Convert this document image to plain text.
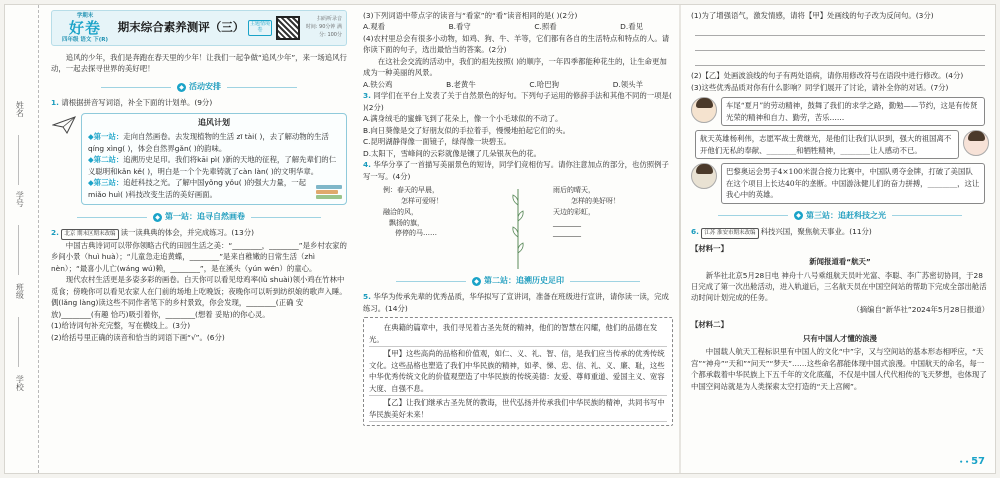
姓名
学号
班级
学校
学期末
好卷
四年级 语文 下(R)
期末综合素养测评（三）	主题情境卷
扫码听录音
时间: 90分钟 满分: 100分

追风的少年，我们是奔跑在春天里的少年！让我们一起争做“追风少年”，来一场追风行动，一起去探寻世界的美好吧！

◆ 活动安排

1. 请根据拼音写词语，补全下面的计划单。(9分)

追风计划

◆第一站：走向自然画卷。去发现植物的生活 zī tài( )，去了解动物的生活 qíng xìng( )，体会自然界ɡǎn( )的韵味。

◆第二站：追溯历史足印。我们将kāi pì( )新的天地的征程，了解先辈们的仁义聪明和kǎn kě( )，明白是一个个先辈铸就了càn làn( )的文明华章。

◆第三站：追赶科技之光。了解中国yǒng yǒu( )的强大力量，一起miǎo huì( )科技改变生活的美好画面。

◆ 第一站：追寻自然画卷

2. 北京 期末区期末改编 读一读典典的体会，并完成练习。(13分)

中国古典诗词可以带你领略古代的田园生活之美：“________，________”是乡村农家的乡间小景（huì huà）；“儿童急走追黄蝶，________”是来自稚嫩的日常生活（zhì nèn）；“最喜小儿亡(wáng wú)赖，________”，是在溪头（yún wén）的童心。

现代农村生活更是多姿多彩的画卷。白天你可以看见母鸡率(lǜ shuài)领小鸡在竹林中觅食；傍晚你可以看见农家人在门前的场地上吃晚饭；夜晚你可以听到纺织娘的歌声入睡。偶(lǎng làng)读这些不同作者笔下的乡村景致，你会发现，________(正确 安放)________(有趣 恰巧)吸引着你，________(想着 妥贴)的你心灵。

(1)给诗词句补充完整，写在横线上。(3分)

(2)给括号里正确的读音和恰当的词语下画“√”。(6分)

(3)下列词语中带点字的读音与“看家”的“看”读音相同的是( )(2分)

A.观看	B.看守	C.照看	D.看见

(4)农村里总会有很多小动物，如鸡、狗、牛、羊等，它们都有各自的生活特点和特点的人。请你读下面的句子，选出最恰当的答案。(2分)

在这社会交流的活动中，我们的祖先按照( )的顺序，一年四季都能种花生的，让生命更加成为一种美丽的风景。

A.铁公鸡	B.老黄牛	C.哈巴狗	D.领头羊

3. 同学们在平台上发表了关于自然景色的好句。下列句子运用的修辞手法和其他不同的一项是( )(2分)

A.满身绒毛的蜜蜂飞到了花朵上，像一个小毛球似的不动了。

B.向日葵像是交了好朋友似的手拉着手，慢慢地拍起它们的头。

C.昆明湖静得像一面镜子，绿得像一块碧玉。

D.太阳下，雪峰间的云彩就像是镶了几朵银灰色的花。

4. 华华分享了一首描写美丽景色的短诗，同学们竞相仿写。请你注意加点的部分，也仿照例子写一写。(4分)

例：春天的早晨，
怎样可爱呀！
融洽的风，
飘扬的旗，
停停的马……
雨后的晴天，
怎样的美好呀！
天边的彩虹，
________
________
◆ 第二站：追溯历史足印

5. 华华为传承先辈的优秀品质，华华拟写了宣讲词，准备在班级进行宣讲，请你读一读，完成练习。(14分)

在典籍的篇章中，我们寻见着古圣先贤的精神，他们的智慧在闪耀，他们的品德在发光。

【甲】这些高尚的品格和价值观，如仁、义、礼、智、信，是我们应当传承的优秀传统文化。这些品格也塑造了我们中华民族的精神，如孝、悌、忠、信、礼、义、廉、耻，这些中华优秀传统文化的价值观塑造了中华民族的传统美德：友爱、尊师重道、爱国主义、宽容大度、自强不息。

【乙】让我们继承古圣先贤的教诲，世代弘扬并传承我们中华民族的精神，共同书写中华民族美好未来！

(1)为了增强语气，激发情感，请将【甲】处画线的句子改为反问句。(3分)

(2)【乙】处画波浪线的句子有两处语病，请你用修改符号在语段中进行修改。(4分)

(3)这些优秀品质对你有什么影响？同学们展开了讨论，请补全你的对话。(7分)

车尾“夏月”的劳动精神，鼓舞了我们的求学之路，勤勉——节约，这是有传贤光荣的精神和自力、勤劳，苦乐……
航天英雄杨利伟，志愿军战士黄继光，是他们让我们认识到，强大的祖国离不开他们无私的奉献、________和牺牲精神，________让人感动不已。
巴黎奥运会男子4×100米混合接力比赛中，中国队勇夺金牌，打破了美国队在这个项目上长达40年的垄断。中国游泳健儿们的奋力拼搏，________，这让我心中的英雄。
◆ 第三站：追赶科技之光

6. 江苏 淮安市期末改编 科技兴国，聚焦航天事业。(11分)

【材料一】

新闻报道看“航天”

新华社北京5月28日电 神舟十八号乘组航天员叶光富、李聪、李广苏密切协同，于28日完成了第一次出舱活动，进入轨道后，三名航天员在中国空间站的帮助下完成全部出舱活动时间计划完成的任务。

（摘编自“新华社”2024年5月28日报道）

【材料二】

只有中国人才懂的浪漫

中国载人航天工程标识里有中国人的文化“中”字，又与空间站的基本形态相呼应，“天宫”“神舟”“天和”“问天”“梦天”……这些命名都能体现中国式浪漫。中国航天的命名，每一个都承载着中华民族上下五千年的文化底蕴，不仅是中国人代代相传的飞天梦想，也体现了中国空间站就是为人类探索太空打造的“天上宫阙”。

• • 57
